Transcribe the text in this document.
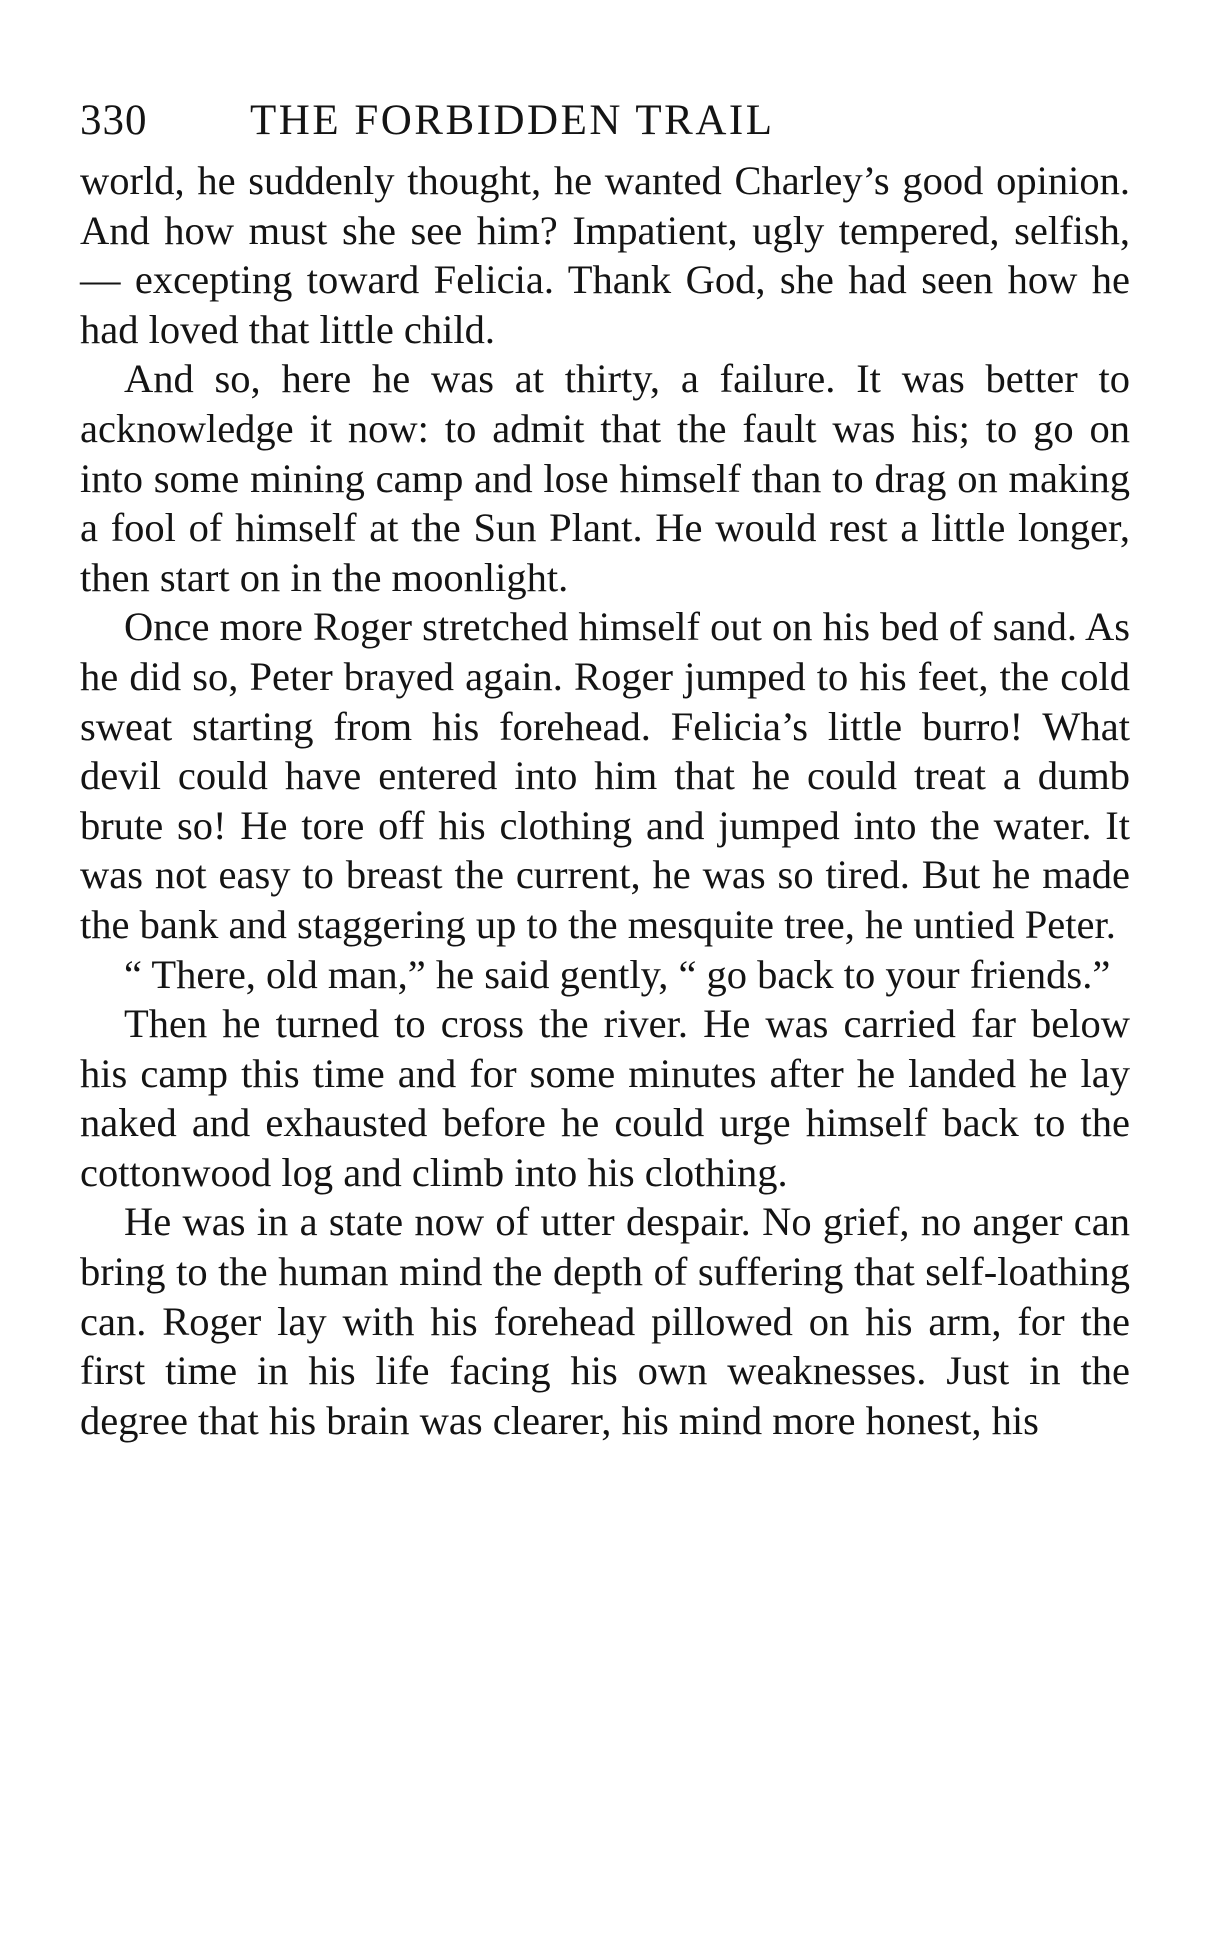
330	THE FORBIDDEN TRAIL

world, he suddenly thought, he wanted Charley’s good opinion. And how must she see him? Impatient, ugly tempered, selfish,— excepting toward Felicia. Thank God, she had seen how he had loved that little child.

And so, here he was at thirty, a failure. It was better to acknowledge it now: to admit that the fault was his; to go on into some mining camp and lose himself than to drag on making a fool of himself at the Sun Plant. He would rest a little longer, then start on in the moonlight.

Once more Roger stretched himself out on his bed of sand. As he did so, Peter brayed again. Roger jumped to his feet, the cold sweat starting from his forehead. Felicia’s little burro! What devil could have entered into him that he could treat a dumb brute so! He tore off his clothing and jumped into the water. It was not easy to breast the current, he was so tired. But he made the bank and staggering up to the mesquite tree, he untied Peter.

“ There, old man,” he said gently, “ go back to your friends.”

Then he turned to cross the river. He was carried far below his camp this time and for some minutes after he landed he lay naked and exhausted before he could urge himself back to the cottonwood log and climb into his clothing.

He was in a state now of utter despair. No grief, no anger can bring to the human mind the depth of suffering that self-loathing can. Roger lay with his forehead pillowed on his arm, for the first time in his life facing his own weaknesses. Just in the degree that his brain was clearer, his mind more honest, his
